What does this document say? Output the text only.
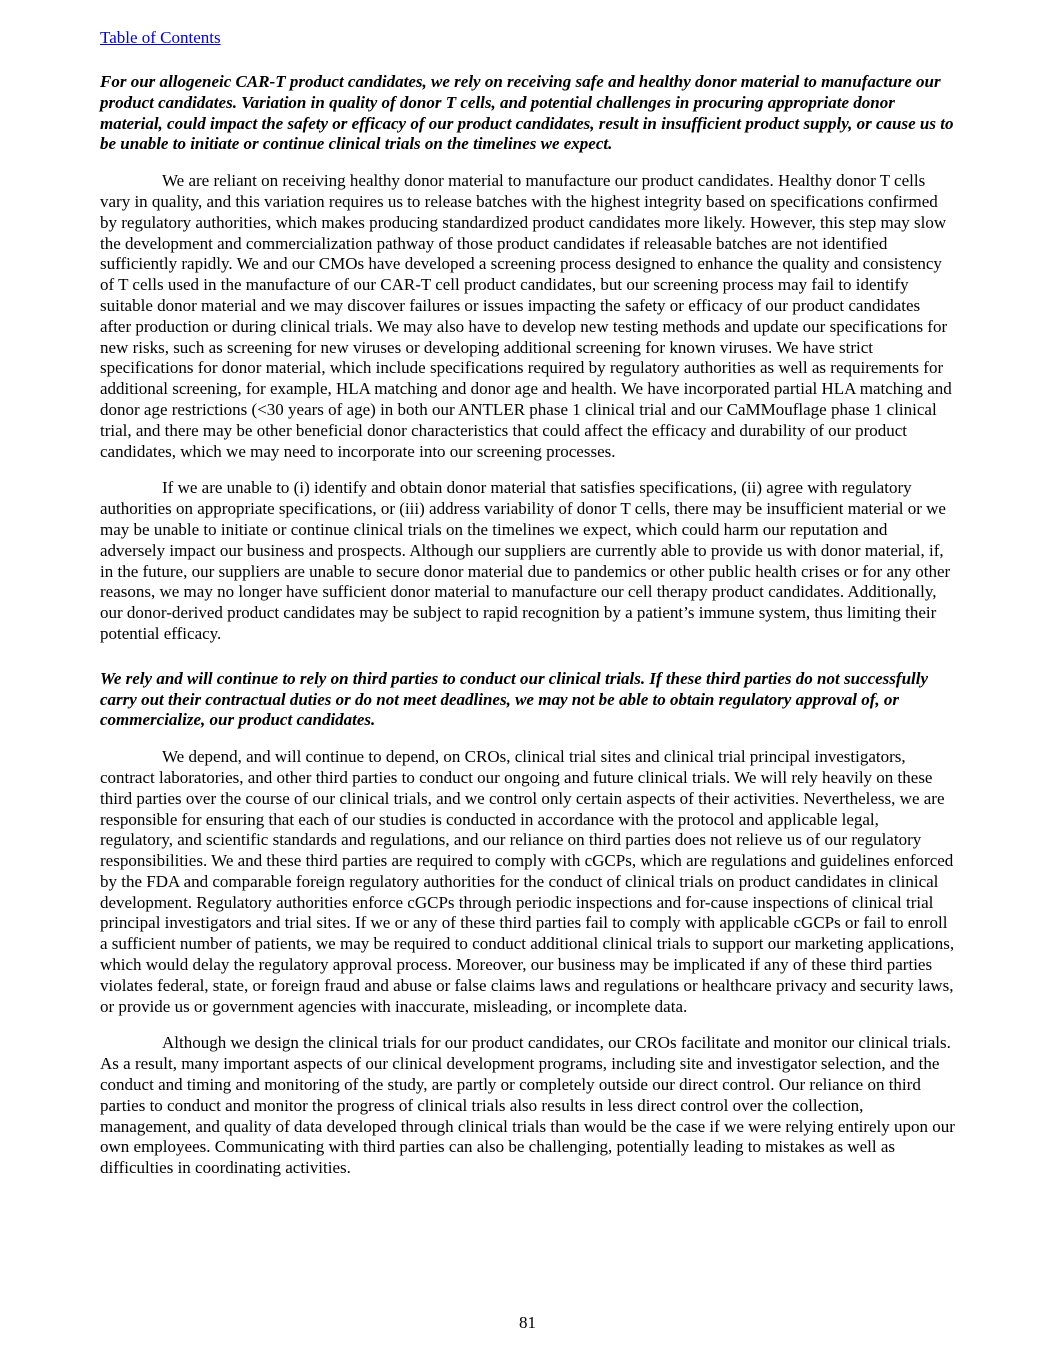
Table of Contents

For our allogeneic CAR-T product candidates, we rely on receiving safe and healthy donor material to manufacture our product candidates. Variation in quality of donor T cells, and potential challenges in procuring appropriate donor material, could impact the safety or efficacy of our product candidates, result in insufficient product supply, or cause us to be unable to initiate or continue clinical trials on the timelines we expect.

We are reliant on receiving healthy donor material to manufacture our product candidates. Healthy donor T cells vary in quality, and this variation requires us to release batches with the highest integrity based on specifications confirmed by regulatory authorities, which makes producing standardized product candidates more likely. However, this step may slow the development and commercialization pathway of those product candidates if releasable batches are not identified sufficiently rapidly. We and our CMOs have developed a screening process designed to enhance the quality and consistency of T cells used in the manufacture of our CAR-T cell product candidates, but our screening process may fail to identify suitable donor material and we may discover failures or issues impacting the safety or efficacy of our product candidates after production or during clinical trials. We may also have to develop new testing methods and update our specifications for new risks, such as screening for new viruses or developing additional screening for known viruses. We have strict specifications for donor material, which include specifications required by regulatory authorities as well as requirements for additional screening, for example, HLA matching and donor age and health. We have incorporated partial HLA matching and donor age restrictions (<30 years of age) in both our ANTLER phase 1 clinical trial and our CaMMouflage phase 1 clinical trial, and there may be other beneficial donor characteristics that could affect the efficacy and durability of our product candidates, which we may need to incorporate into our screening processes.

If we are unable to (i) identify and obtain donor material that satisfies specifications, (ii) agree with regulatory authorities on appropriate specifications, or (iii) address variability of donor T cells, there may be insufficient material or we may be unable to initiate or continue clinical trials on the timelines we expect, which could harm our reputation and adversely impact our business and prospects. Although our suppliers are currently able to provide us with donor material, if, in the future, our suppliers are unable to secure donor material due to pandemics or other public health crises or for any other reasons, we may no longer have sufficient donor material to manufacture our cell therapy product candidates. Additionally, our donor-derived product candidates may be subject to rapid recognition by a patient’s immune system, thus limiting their potential efficacy.

We rely and will continue to rely on third parties to conduct our clinical trials. If these third parties do not successfully carry out their contractual duties or do not meet deadlines, we may not be able to obtain regulatory approval of, or commercialize, our product candidates.

We depend, and will continue to depend, on CROs, clinical trial sites and clinical trial principal investigators, contract laboratories, and other third parties to conduct our ongoing and future clinical trials. We will rely heavily on these third parties over the course of our clinical trials, and we control only certain aspects of their activities. Nevertheless, we are responsible for ensuring that each of our studies is conducted in accordance with the protocol and applicable legal, regulatory, and scientific standards and regulations, and our reliance on third parties does not relieve us of our regulatory responsibilities. We and these third parties are required to comply with cGCPs, which are regulations and guidelines enforced by the FDA and comparable foreign regulatory authorities for the conduct of clinical trials on product candidates in clinical development. Regulatory authorities enforce cGCPs through periodic inspections and for-cause inspections of clinical trial principal investigators and trial sites. If we or any of these third parties fail to comply with applicable cGCPs or fail to enroll a sufficient number of patients, we may be required to conduct additional clinical trials to support our marketing applications, which would delay the regulatory approval process. Moreover, our business may be implicated if any of these third parties violates federal, state, or foreign fraud and abuse or false claims laws and regulations or healthcare privacy and security laws, or provide us or government agencies with inaccurate, misleading, or incomplete data.

Although we design the clinical trials for our product candidates, our CROs facilitate and monitor our clinical trials. As a result, many important aspects of our clinical development programs, including site and investigator selection, and the conduct and timing and monitoring of the study, are partly or completely outside our direct control. Our reliance on third parties to conduct and monitor the progress of clinical trials also results in less direct control over the collection, management, and quality of data developed through clinical trials than would be the case if we were relying entirely upon our own employees. Communicating with third parties can also be challenging, potentially leading to mistakes as well as difficulties in coordinating activities.

81
